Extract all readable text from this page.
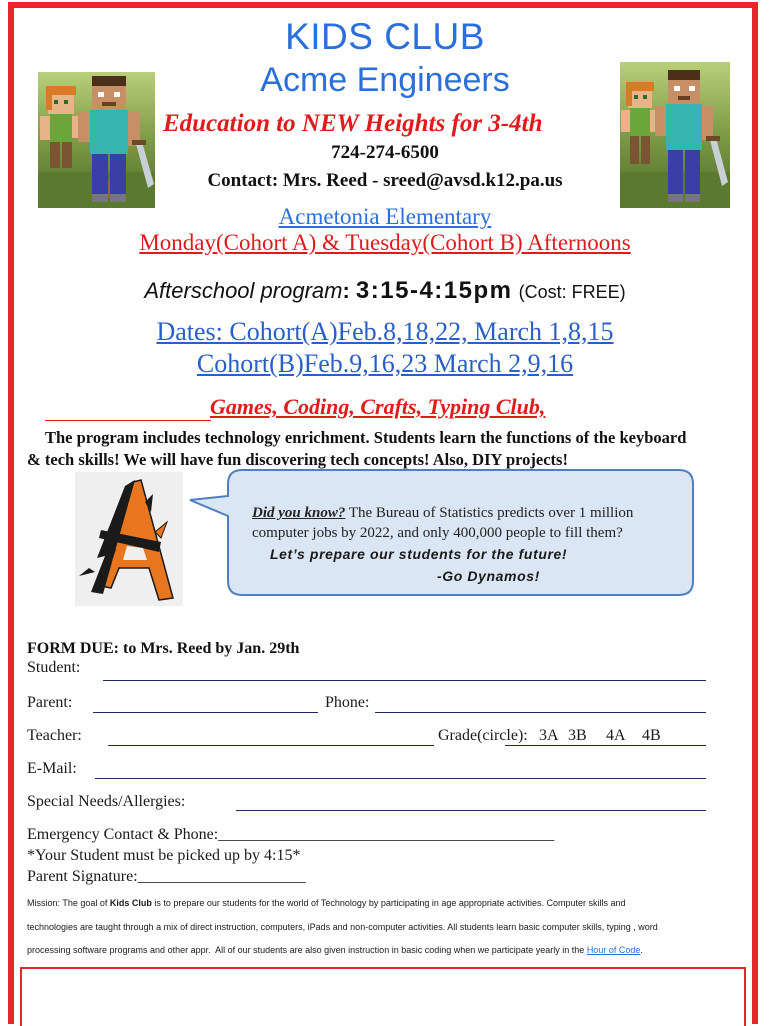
KIDS CLUB
Acme Engineers
Education to NEW Heights for 3-4th
724-274-6500
Contact: Mrs. Reed - sreed@avsd.k12.pa.us
Acmetonia Elementary
Monday(Cohort A) & Tuesday(Cohort B) Afternoons
Afterschool program: 3:15-4:15pm (Cost: FREE)
Dates: Cohort(A)Feb.8,18,22, March 1,8,15
Cohort(B)Feb.9,16,23 March 2,9,16
Games, Coding, Crafts, Typing Club,
The program includes technology enrichment. Students learn the functions of the keyboard
& tech skills! We will have fun discovering tech concepts! Also, DIY projects!
Did you know? The Bureau of Statistics predicts over 1 million
computer jobs by 2022, and only 400,000 people to fill them?
Let’s prepare our students for the future!
-Go Dynamos!
FORM DUE: to Mrs. Reed by Jan. 29th
Student:
Parent:	Phone:
Teacher:	Grade(circle): 3A 3B 4A 4B
E-Mail:
Special Needs/Allergies:
Emergency Contact & Phone:__________________________________________
*Your Student must be picked up by 4:15*
Parent Signature:_____________________
Mission: The goal of Kids Club is to prepare our students for the world of Technology by participating in age appropriate activities. Computer skills and
technologies are taught through a mix of direct instruction, computers, iPads and non-computer activities. All students learn basic computer skills, typing , word
processing software programs and other appr.  All of our students are also given instruction in basic coding when we participate yearly in the Hour of Code.
